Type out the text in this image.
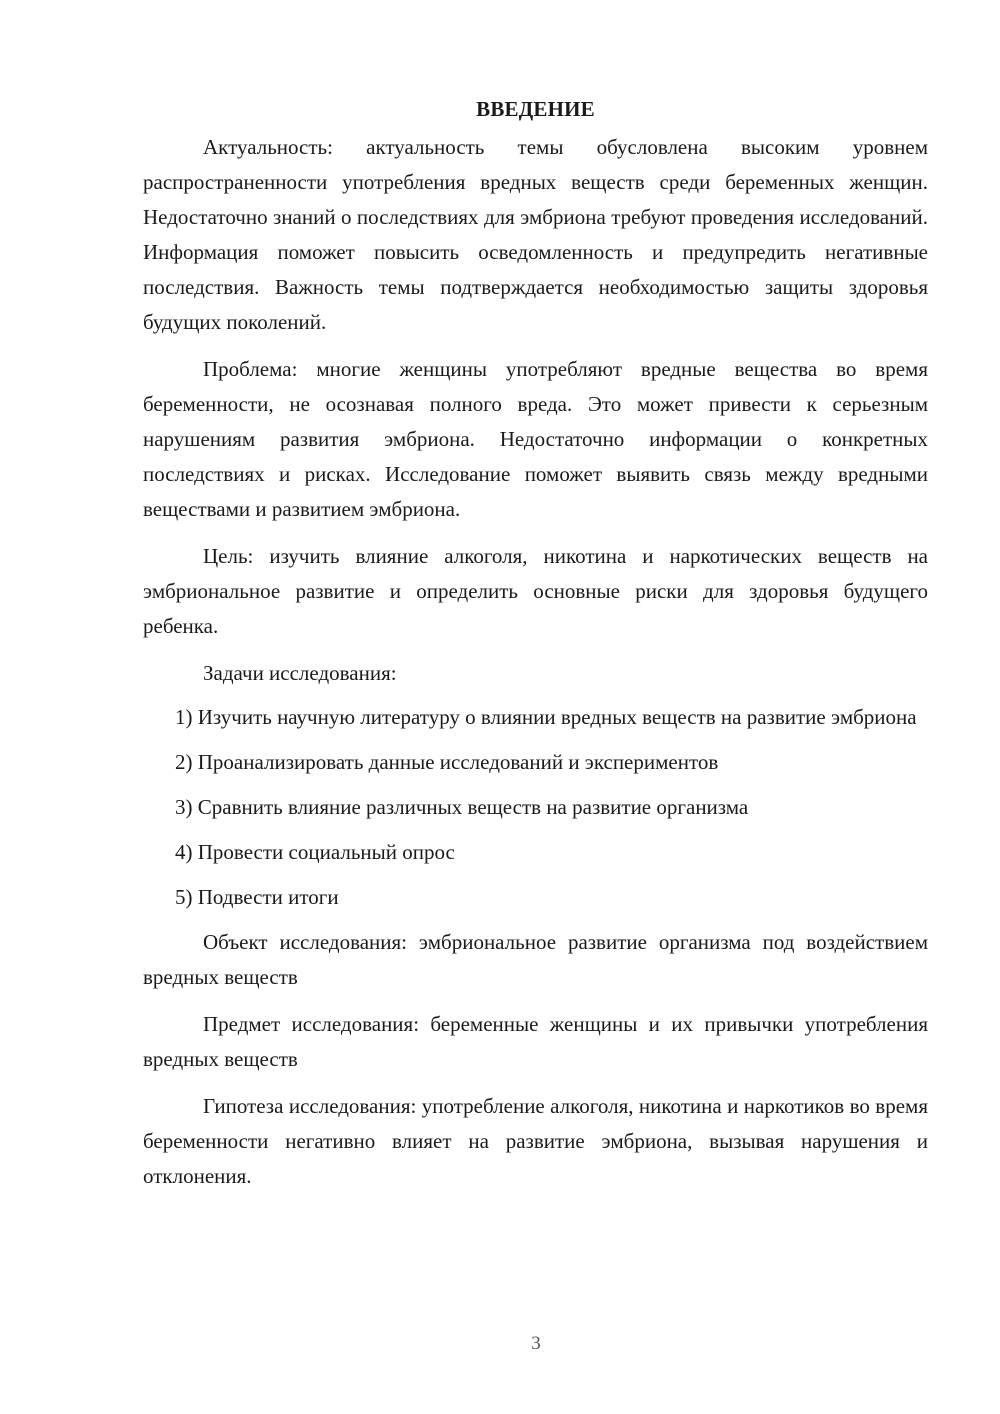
ВВЕДЕНИЕ

Актуальность: актуальность темы обусловлена высоким уровнем распространенности употребления вредных веществ среди беременных женщин. Недостаточно знаний о последствиях для эмбриона требуют проведения исследований. Информация поможет повысить осведомленность и предупредить негативные последствия. Важность темы подтверждается необходимостью защиты здоровья будущих поколений.

Проблема: многие женщины употребляют вредные вещества во время беременности, не осознавая полного вреда. Это может привести к серьезным нарушениям развития эмбриона. Недостаточно информации о конкретных последствиях и рисках. Исследование поможет выявить связь между вредными веществами и развитием эмбриона.

Цель: изучить влияние алкоголя, никотина и наркотических веществ на эмбриональное развитие и определить основные риски для здоровья будущего ребенка.

Задачи исследования:

1) Изучить научную литературу о влиянии вредных веществ на развитие эмбриона

2) Проанализировать данные исследований и экспериментов

3) Сравнить влияние различных веществ на развитие организма

4) Провести социальный опрос

5) Подвести итоги

Объект исследования: эмбриональное развитие организма под воздействием вредных веществ

Предмет исследования: беременные женщины и их привычки употребления вредных веществ

Гипотеза исследования: употребление алкоголя, никотина и наркотиков во время беременности негативно влияет на развитие эмбриона, вызывая нарушения и отклонения.

3
